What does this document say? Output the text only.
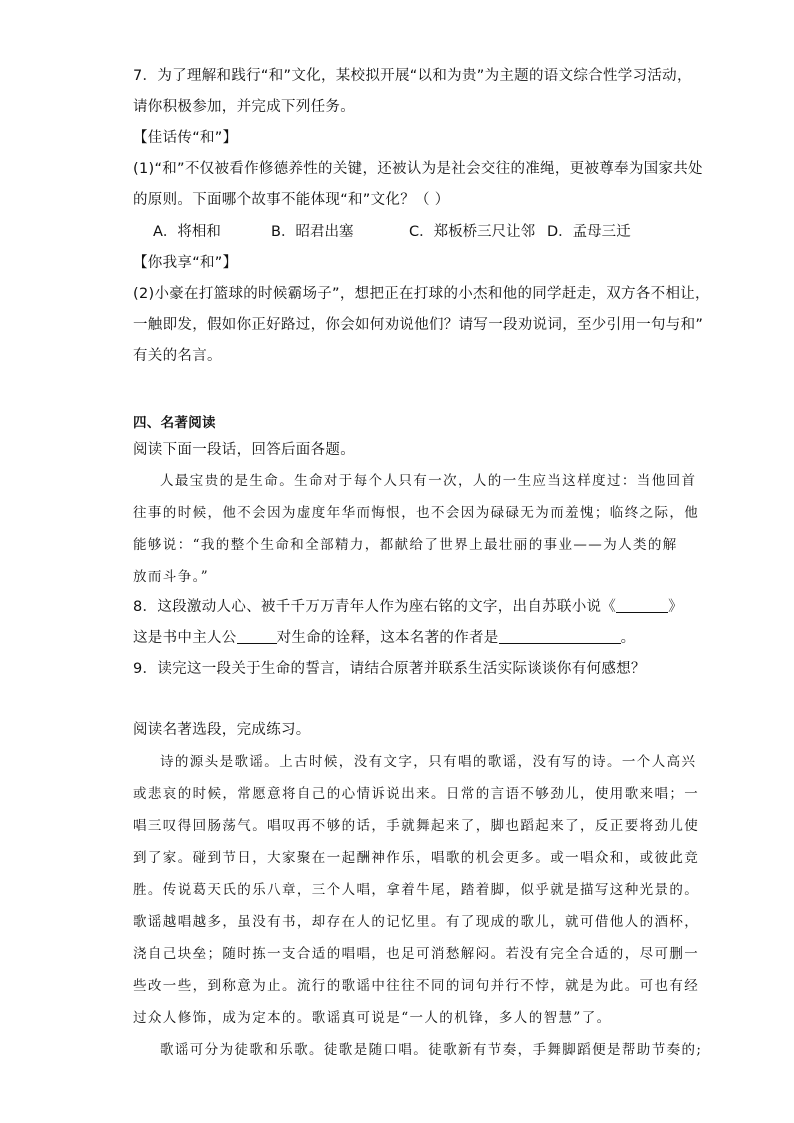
7．为了理解和践行“和”文化，某校拟开展“以和为贵”为主题的语文综合性学习活动，
请你积极参加，并完成下列任务。
【佳话传“和”】
(1)“和”不仅被看作修德养性的关键，还被认为是社会交往的准绳，更被尊奉为国家共处
的原则。下面哪个故事不能体现“和”文化？（ ）
A．将相和	B．昭君出塞	C．郑板桥三尺让邻 D．孟母三迁
【你我享“和”】
(2)小豪在打篮球的时候霸场子”，想把正在打球的小杰和他的同学赶走，双方各不相让，
一触即发，假如你正好路过，你会如何劝说他们？请写一段劝说词，至少引用一句与和”
有关的名言。
四、名著阅读
阅读下面一段话，回答后面各题。
人最宝贵的是生命。生命对于每个人只有一次，人的一生应当这样度过：当他回首
往事的时候，他不会因为虚度年华而悔恨，也不会因为碌碌无为而羞愧；临终之际，他
能够说：“我的整个生命和全部精力，都献给了世界上最壮丽的事业——为人类的解
放而斗争。”
8．这段激动人心、被千千万万青年人作为座右铭的文字，出自苏联小说《	》
这是书中主人公	对生命的诠释，这本名著的作者是	。
9．读完这一段关于生命的誓言，请结合原著并联系生活实际谈谈你有何感想？
阅读名著选段，完成练习。
诗的源头是歌谣。上古时候，没有文字，只有唱的歌谣，没有写的诗。一个人高兴
或悲哀的时候，常愿意将自己的心情诉说出来。日常的言语不够劲儿，使用歌来唱；一
唱三叹得回肠荡气。唱叹再不够的话，手就舞起来了，脚也蹈起来了，反正要将劲儿使
到了家。碰到节日，大家聚在一起酬神作乐，唱歌的机会更多。或一唱众和，或彼此竞
胜。传说葛天氏的乐八章，三个人唱，拿着牛尾，踏着脚，似乎就是描写这种光景的。
歌谣越唱越多，虽没有书，却存在人的记忆里。有了现成的歌儿，就可借他人的酒杯，
浇自己块垒；随时拣一支合适的唱唱，也足可消愁解闷。若没有完全合适的，尽可删一
些改一些，到称意为止。流行的歌谣中往往不同的词句并行不悖，就是为此。可也有经
过众人修饰，成为定本的。歌谣真可说是“一人的机锋，多人的智慧”了。
歌谣可分为徒歌和乐歌。徒歌是随口唱。徒歌新有节奏，手舞脚蹈便是帮助节奏的;
